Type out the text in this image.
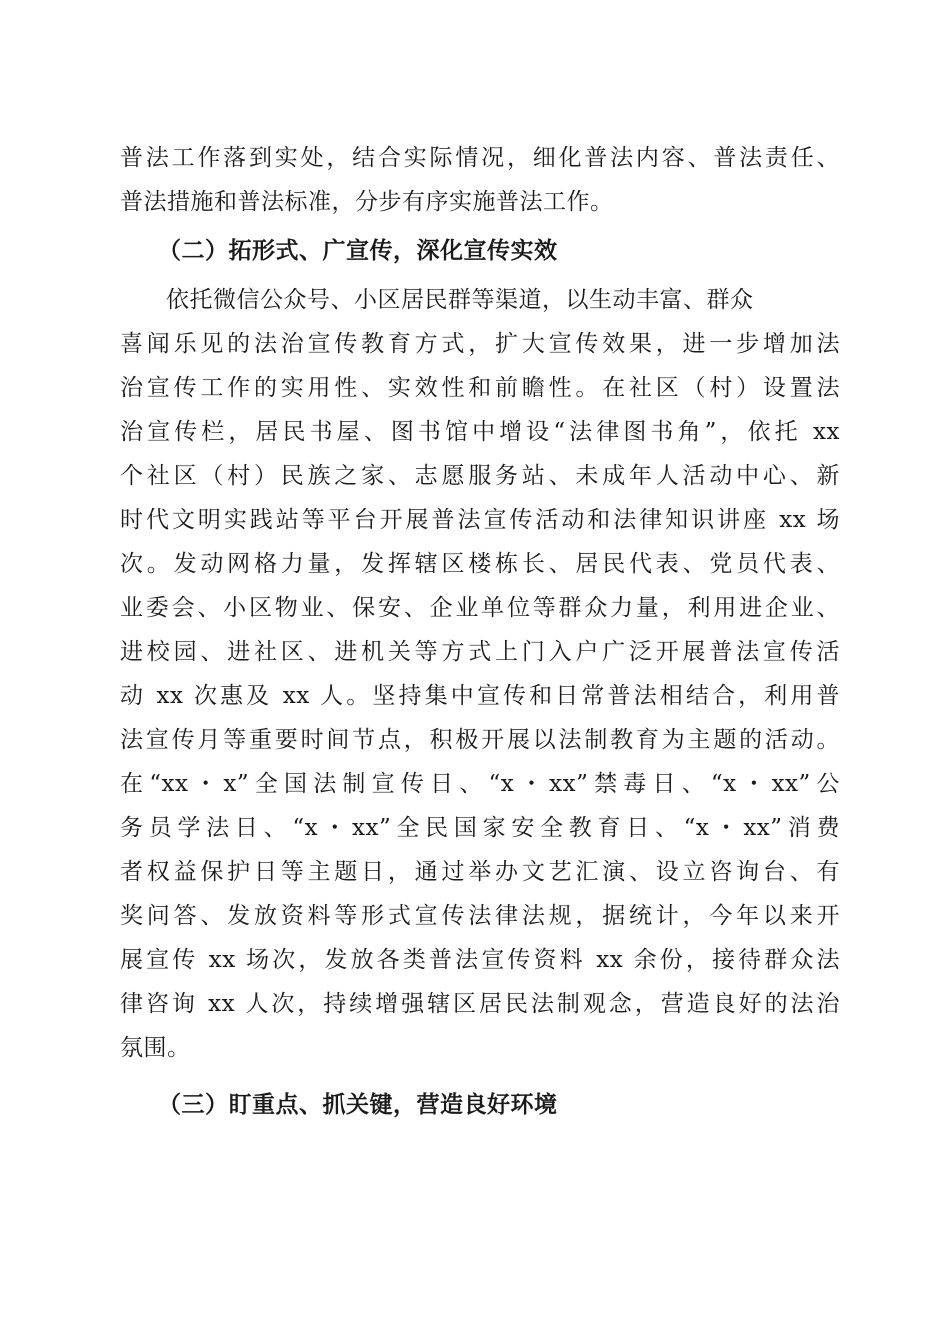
普法工作落到实处，结合实际情况，细化普法内容、普法责任、
普法措施和普法标准，分步有序实施普法工作。
（二）拓形式、广宣传，深化宣传实效
依托微信公众号、小区居民群等渠道，以生动丰富、群众
喜闻乐见的法治宣传教育方式，扩大宣传效果，进一步增加法
治宣传工作的实用性、实效性和前瞻性。在社区（村）设置法
治宣传栏，居民书屋、图书馆中增设“法律图书角”，依托 xx
个社区（村）民族之家、志愿服务站、未成年人活动中心、新
时代文明实践站等平台开展普法宣传活动和法律知识讲座 xx 场
次。发动网格力量，发挥辖区楼栋长、居民代表、党员代表、
业委会、小区物业、保安、企业单位等群众力量，利用进企业、
进校园、进社区、进机关等方式上门入户广泛开展普法宣传活
动 xx 次惠及 xx 人。坚持集中宣传和日常普法相结合，利用普
法宣传月等重要时间节点，积极开展以法制教育为主题的活动。
在“xx・x”全国法制宣传日、“x・xx”禁毒日、“x・xx”公
务员学法日、“x・xx”全民国家安全教育日、“x・xx”消费
者权益保护日等主题日，通过举办文艺汇演、设立咨询台、有
奖问答、发放资料等形式宣传法律法规，据统计，今年以来开
展宣传 xx 场次，发放各类普法宣传资料 xx 余份，接待群众法
律咨询 xx 人次，持续增强辖区居民法制观念，营造良好的法治
氛围。
（三）盯重点、抓关键，营造良好环境
